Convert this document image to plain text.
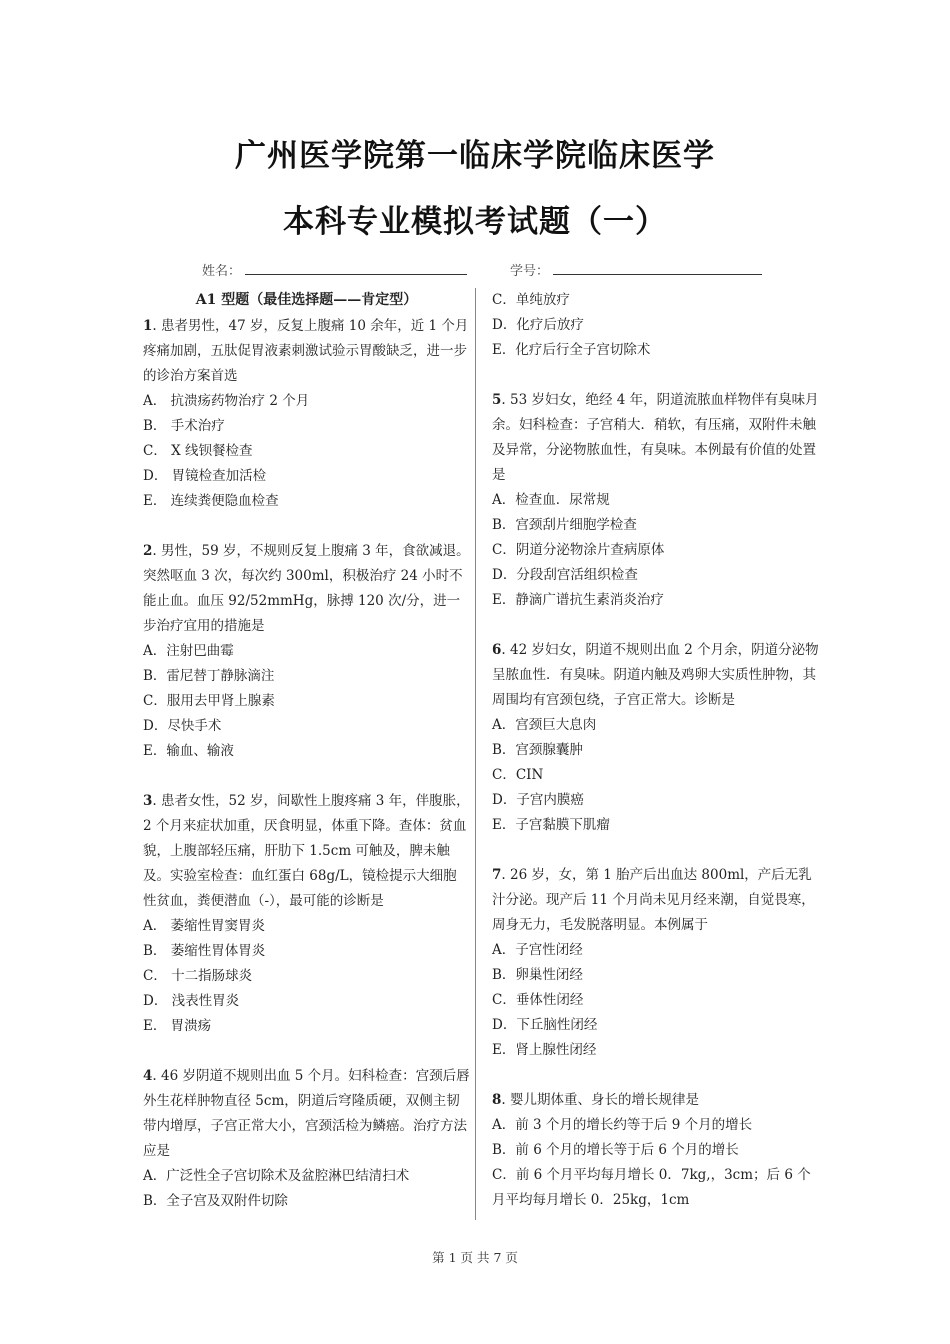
广州医学院第一临床学院临床医学
本科专业模拟考试题（一）
姓名：	学号：
A1 型题（最佳选择题——肯定型）

1. 患者男性，47 岁，反复上腹痛 10 余年，近 1 个月疼痛加剧，五肽促胃液素刺激试验示胃酸缺乏，进一步的诊治方案首选

A． 抗溃疡药物治疗 2 个月
B． 手术治疗
C． X 线钡餐检查
D． 胃镜检查加活检
E． 连续粪便隐血检查

2. 男性，59 岁，不规则反复上腹痛 3 年，食欲减退。突然呕血 3 次，每次约 300ml，积极治疗 24 小时不能止血。血压 92/52mmHg，脉搏 120 次/分，进一步治疗宜用的措施是

A．注射巴曲霉
B．雷尼替丁静脉滴注
C．服用去甲肾上腺素
D．尽快手术
E．输血、输液

3. 患者女性，52 岁，间歇性上腹疼痛 3 年，伴腹胀，2 个月来症状加重，厌食明显，体重下降。查体：贫血貌，上腹部轻压痛，肝肋下 1.5cm 可触及，脾未触及。实验室检查：血红蛋白 68g/L，镜检提示大细胞性贫血，粪便潜血（-），最可能的诊断是

A． 萎缩性胃窦胃炎
B． 萎缩性胃体胃炎
C． 十二指肠球炎
D． 浅表性胃炎
E． 胃溃疡

4. 46 岁阴道不规则出血 5 个月。妇科检查：宫颈后唇外生花样肿物直径 5cm，阴道后穹隆质硬，双侧主韧带内增厚，子宫正常大小，宫颈活检为鳞癌。治疗方法应是

A．广泛性全子宫切除术及盆腔淋巴结清扫术
B．全子宫及双附件切除
C．单纯放疗
D．化疗后放疗
E．化疗后行全子宫切除术

5. 53 岁妇女，绝经 4 年，阴道流脓血样物伴有臭味月余。妇科检查：子宫稍大．稍软，有压痛，双附件未触及异常，分泌物脓血性，有臭味。本例最有价值的处置是

A．检查血．尿常规
B．宫颈刮片细胞学检查
C．阴道分泌物涂片查病原体
D．分段刮宫活组织检查
E．静滴广谱抗生素消炎治疗

6. 42 岁妇女，阴道不规则出血 2 个月余，阴道分泌物呈脓血性．有臭味。阴道内触及鸡卵大实质性肿物，其周围均有宫颈包绕，子宫正常大。诊断是

A．宫颈巨大息肉
B．宫颈腺囊肿
C．CIN
D．子宫内膜癌
E．子宫黏膜下肌瘤

7. 26 岁，女，第 1 胎产后出血达 800ml，产后无乳汁分泌。现产后 11 个月尚未见月经来潮，自觉畏寒，周身无力，毛发脱落明显。本例属于

A．子宫性闭经
B．卵巢性闭经
C．垂体性闭经
D．下丘脑性闭经
E．肾上腺性闭经

8. 婴儿期体重、身长的增长规律是

A．前 3 个月的增长约等于后 9 个月的增长
B．前 6 个月的增长等于后 6 个月的增长
C．前 6 个月平均每月增长 0．7kg,，3cm；后 6 个月平均每月增长 0．25kg，1cm
第 1 页 共 7 页
